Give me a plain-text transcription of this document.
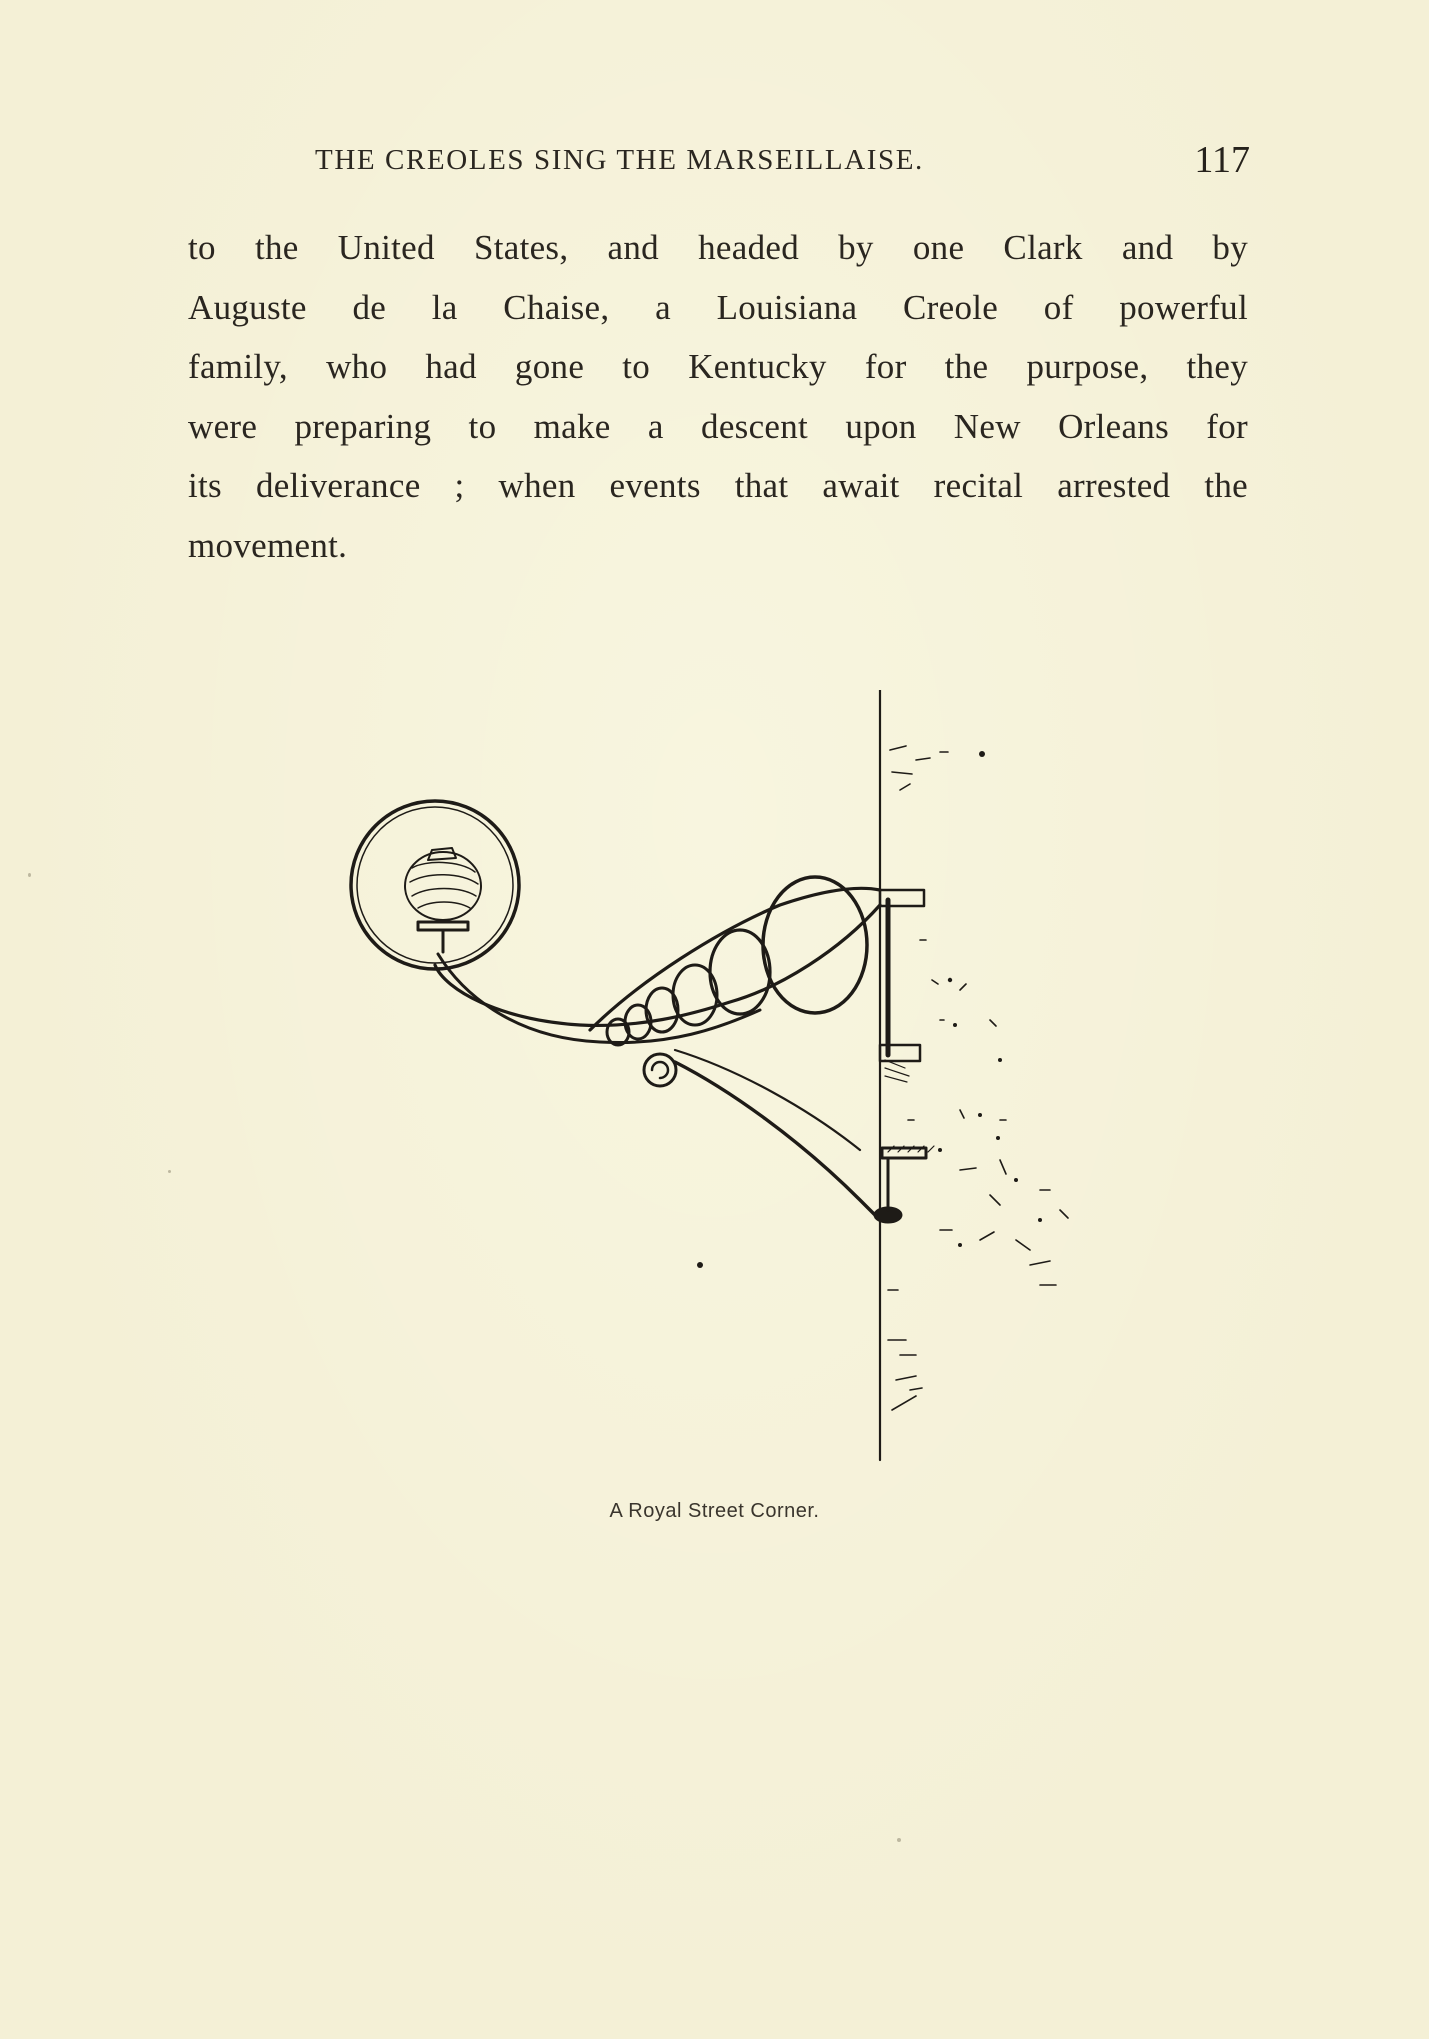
THE CREOLES SING THE MARSEILLAISE.	117
to the United States, and headed by one Clark and by
Auguste de la Chaise, a Louisiana Creole of powerful
family, who had gone to Kentucky for the purpose, they
were preparing to make a descent upon New Orleans for
its deliverance ; when events that await recital arrested the
movement.
A Royal Street Corner.
